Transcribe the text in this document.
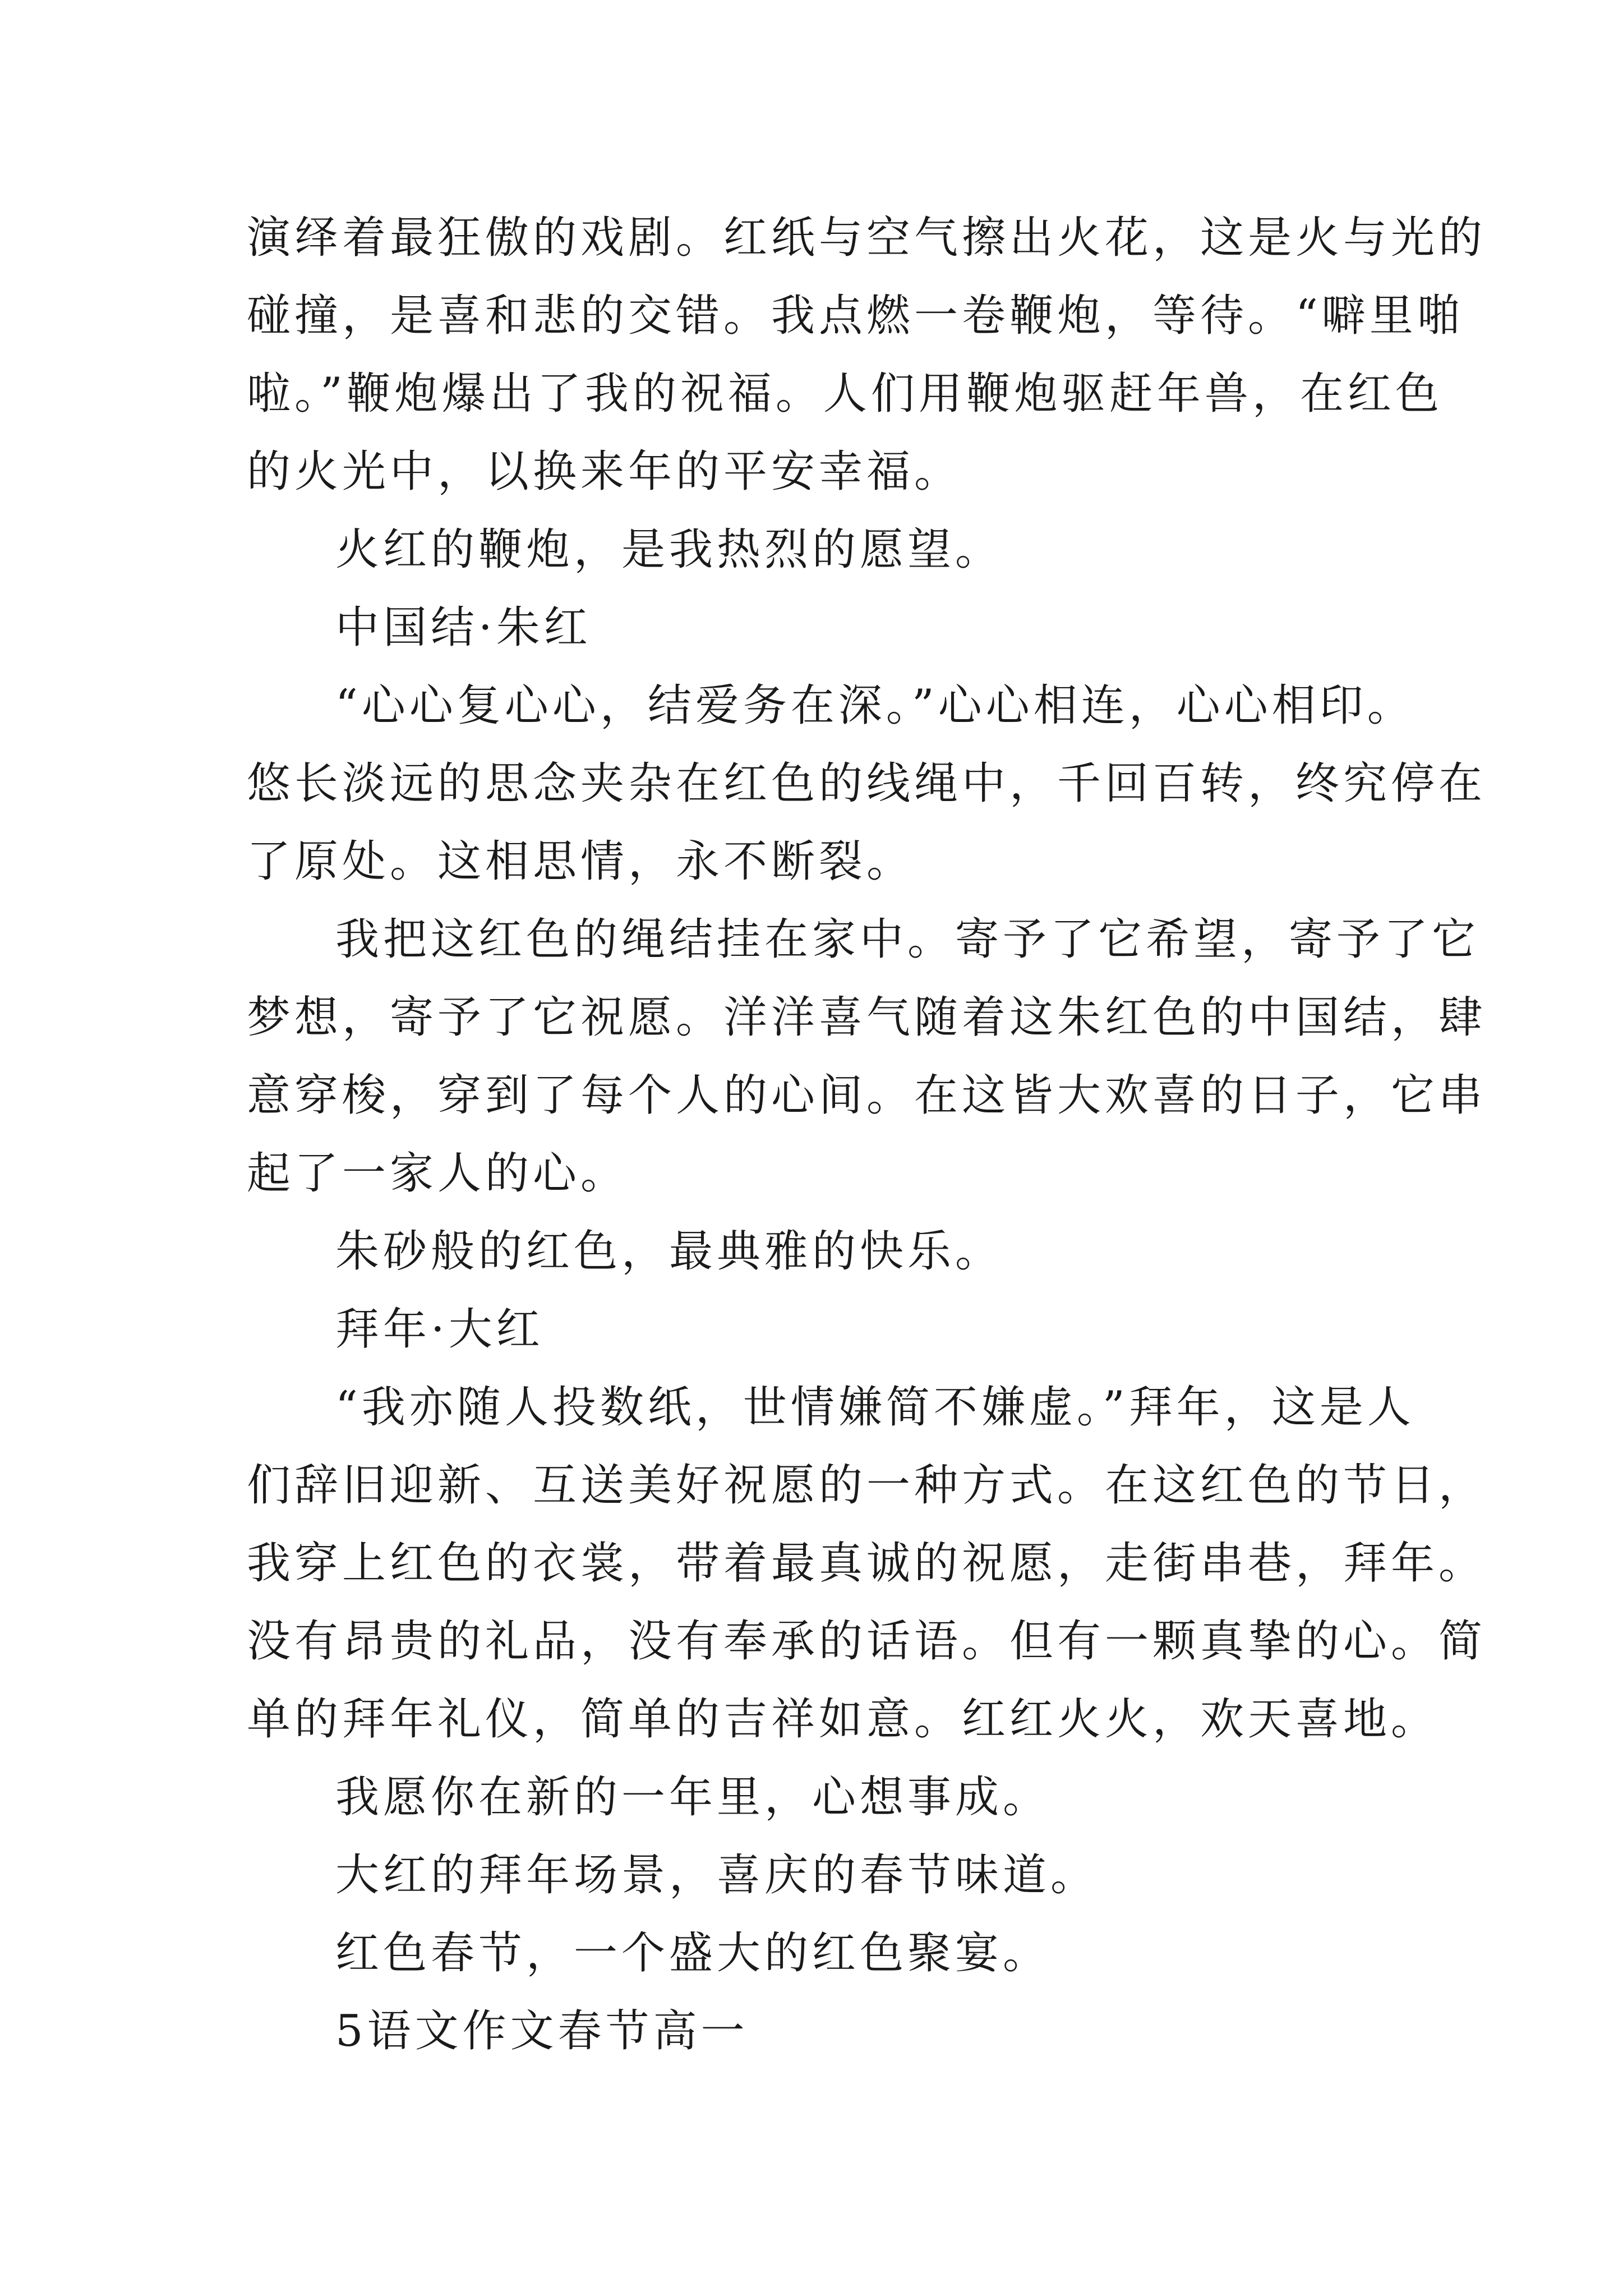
演绎着最狂傲的戏剧。红纸与空气擦出火花，这是火与光的
碰撞，是喜和悲的交错。我点燃一卷鞭炮，等待。“噼里啪
啦。”鞭炮爆出了我的祝福。人们用鞭炮驱赶年兽，在红色
的火光中，以换来年的平安幸福。
火红的鞭炮，是我热烈的愿望。
中国结·朱红
“心心复心心，结爱务在深。”心心相连，心心相印。
悠长淡远的思念夹杂在红色的线绳中，千回百转，终究停在
了原处。这相思情，永不断裂。
我把这红色的绳结挂在家中。寄予了它希望，寄予了它
梦想，寄予了它祝愿。洋洋喜气随着这朱红色的中国结，肆
意穿梭，穿到了每个人的心间。在这皆大欢喜的日子，它串
起了一家人的心。
朱砂般的红色，最典雅的快乐。
拜年·大红
“我亦随人投数纸，世情嫌简不嫌虚。”拜年，这是人
们辞旧迎新、互送美好祝愿的一种方式。在这红色的节日，
我穿上红色的衣裳，带着最真诚的祝愿，走街串巷，拜年。
没有昂贵的礼品，没有奉承的话语。但有一颗真挚的心。简
单的拜年礼仪，简单的吉祥如意。红红火火，欢天喜地。
我愿你在新的一年里，心想事成。
大红的拜年场景，喜庆的春节味道。
红色春节，一个盛大的红色聚宴。
5语文作文春节高一
